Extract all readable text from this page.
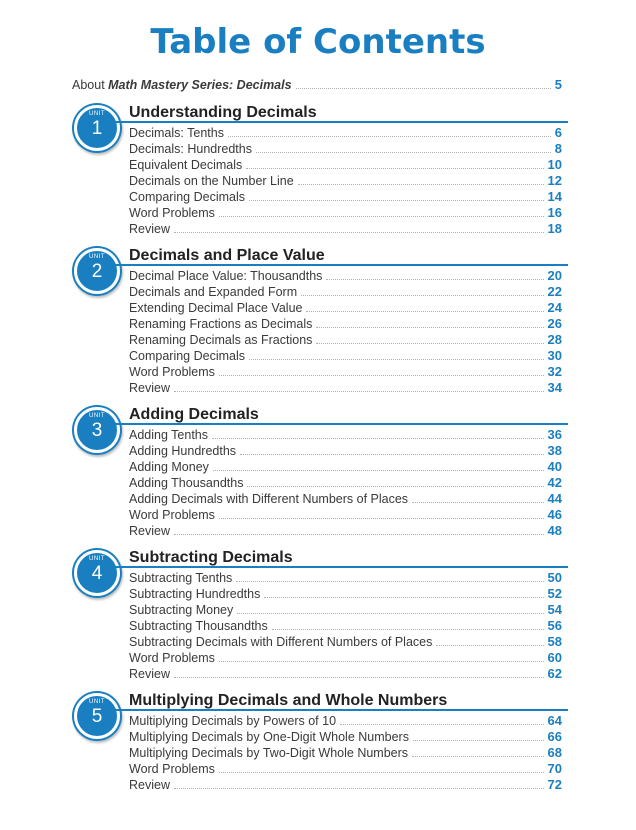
Table of Contents
About Math Mastery Series: Decimals	5
UNIT
1
Understanding Decimals
Decimals: Tenths	6
Decimals: Hundredths	8
Equivalent Decimals	10
Decimals on the Number Line	12
Comparing Decimals	14
Word Problems	16
Review	18
UNIT
2
Decimals and Place Value
Decimal Place Value: Thousandths	20
Decimals and Expanded Form	22
Extending Decimal Place Value	24
Renaming Fractions as Decimals	26
Renaming Decimals as Fractions	28
Comparing Decimals	30
Word Problems	32
Review	34
UNIT
3
Adding Decimals
Adding Tenths	36
Adding Hundredths	38
Adding Money	40
Adding Thousandths	42
Adding Decimals with Different Numbers of Places	44
Word Problems	46
Review	48
UNIT
4
Subtracting Decimals
Subtracting Tenths	50
Subtracting Hundredths	52
Subtracting Money	54
Subtracting Thousandths	56
Subtracting Decimals with Different Numbers of Places	58
Word Problems	60
Review	62
UNIT
5
Multiplying Decimals and Whole Numbers
Multiplying Decimals by Powers of 10	64
Multiplying Decimals by One-Digit Whole Numbers	66
Multiplying Decimals by Two-Digit Whole Numbers	68
Word Problems	70
Review	72
